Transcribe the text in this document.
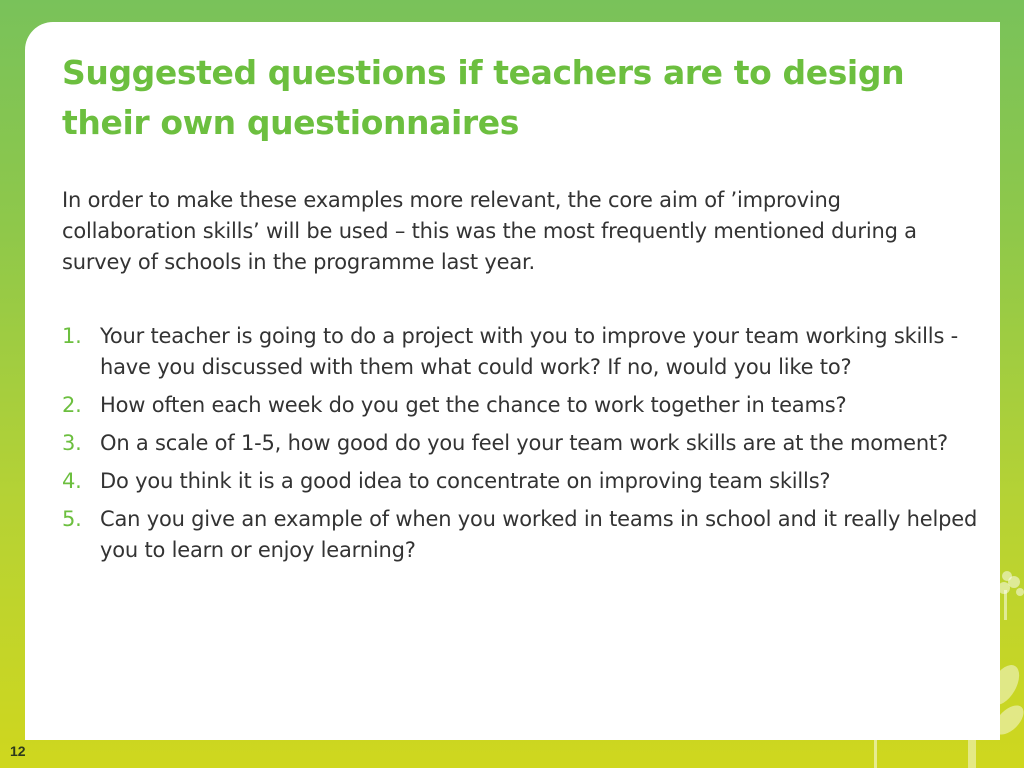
Suggested questions if teachers are to design their own questionnaires

In order to make these examples more relevant, the core aim of ’improving collaboration skills’ will be used – this was the most frequently mentioned during a survey of schools in the programme last year.

1. Your teacher is going to do a project with you to improve your team working skills - have you discussed with them what could work? If no, would you like to?
2. How often each week do you get the chance to work together in teams?
3. On a scale of 1-5, how good do you feel your team work skills are at the moment?
4. Do you think it is a good idea to concentrate on improving team skills?
5. Can you give an example of when you worked in teams in school and it really helped you to learn or enjoy learning?
12
